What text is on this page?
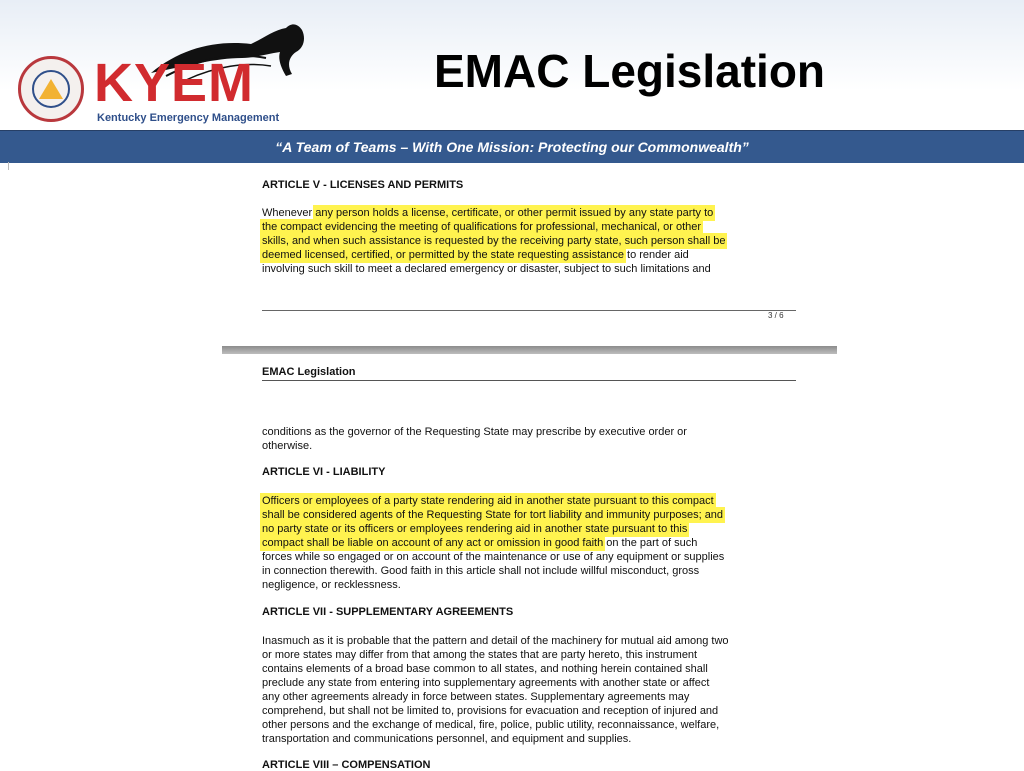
KYEM
Kentucky Emergency Management
EMAC Legislation
“A Team of Teams – With One Mission: Protecting our Commonwealth”
ARTICLE V - LICENSES AND PERMITS
Whenever any person holds a license, certificate, or other permit issued by any state party to
the compact evidencing the meeting of qualifications for professional, mechanical, or other
skills, and when such assistance is requested by the receiving party state, such person shall be
deemed licensed, certified, or permitted by the state requesting assistance to render aid
involving such skill to meet a declared emergency or disaster, subject to such limitations and
3 / 6
EMAC Legislation
conditions as the governor of the Requesting State may prescribe by executive order or
otherwise.
ARTICLE VI - LIABILITY
Officers or employees of a party state rendering aid in another state pursuant to this compact
shall be considered agents of the Requesting State for tort liability and immunity purposes; and
no party state or its officers or employees rendering aid in another state pursuant to this
compact shall be liable on account of any act or omission in good faith on the part of such
forces while so engaged or on account of the maintenance or use of any equipment or supplies
in connection therewith. Good faith in this article shall not include willful misconduct, gross
negligence, or recklessness.
ARTICLE VII - SUPPLEMENTARY AGREEMENTS
Inasmuch as it is probable that the pattern and detail of the machinery for mutual aid among two
or more states may differ from that among the states that are party hereto, this instrument
contains elements of a broad base common to all states, and nothing herein contained shall
preclude any state from entering into supplementary agreements with another state or affect
any other agreements already in force between states. Supplementary agreements may
comprehend, but shall not be limited to, provisions for evacuation and reception of injured and
other persons and the exchange of medical, fire, police, public utility, reconnaissance, welfare,
transportation and communications personnel, and equipment and supplies.
ARTICLE VIII – COMPENSATION
